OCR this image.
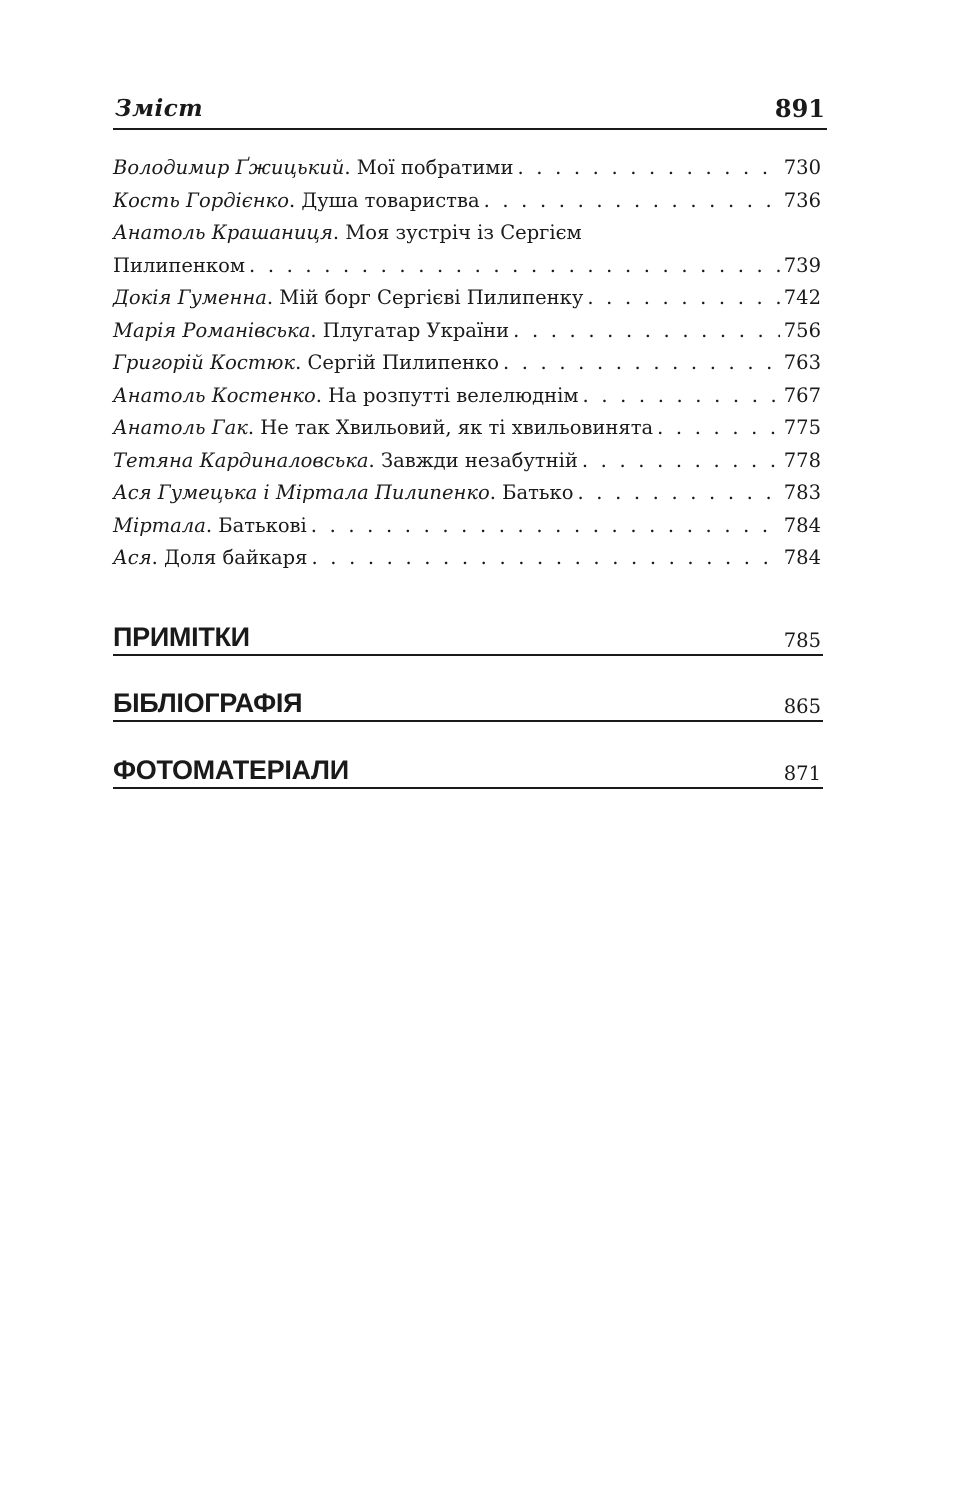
Зміст	891
Володимир Ґжицький . Мої побратими . . .	730
Кость Гордієнко . Душа товариства . . .	736
Анатоль Крашаниця . Моя зустріч із Сергієм
Пилипенком . . .	739
Докія Гуменна . Мій борг Сергієві Пилипенку . . .	742
Марія Романівська . Плугатар України . . .	756
Григорій Костюк . Сергій Пилипенко . . .	763
Анатоль Костенко . На розпутті велелюднім . . .	767
Анатоль Гак . Не так Хвильовий, як ті хвильовинята . . .	775
Тетяна Кардиналовська . Завжди незабутній . . .	778
Ася Гумецька і Міртала Пилипенко . Батько . . .	783
Міртала . Батькові . . .	784
Ася . Доля байкаря . . .	784
ПРИМІТКИ	785
БІБЛІОГРАФІЯ	865
ФОТОМАТЕРІАЛИ	871
